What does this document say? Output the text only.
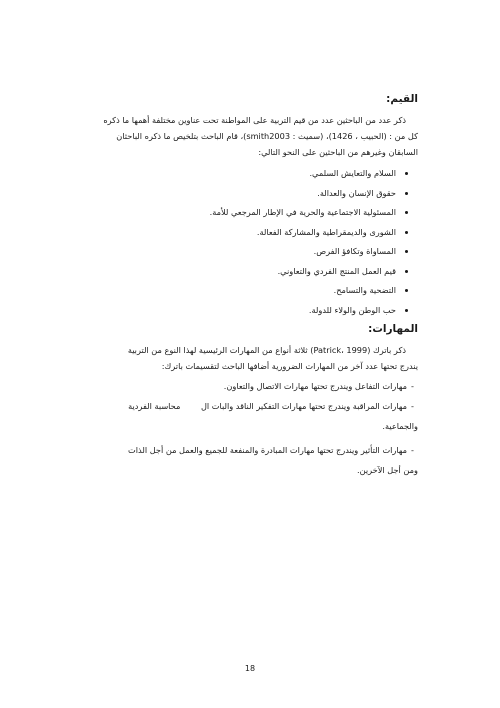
القيم:

ذكر عدد من الباحثين عدد من قيم التربية على المواطنة تحت عناوين مختلفة أهمها ما ذكره

كل من : (الحبيب ، 1426)، (سميث : smith2003)، قام الباحث بتلخيص ما ذكره الباحثان

السابقان وغيرهم من الباحثين على النحو التالي:

السلام والتعايش السلمي.
حقوق الإنسان والعدالة.
المسئولية الاجتماعية والحرية في الإطار المرجعي للأمة.
الشورى والديمقراطية والمشاركة الفعالة.
المساواة وتكافؤ الفرص.
قيم العمل المنتج الفردي والتعاوني.
التضحية والتسامح.
حب الوطن والولاء للدولة.
المهارات:

ذكر باترك (Patrick، 1999) ثلاثة أنواع من المهارات الرئيسية لهذا النوع من التربية

يندرج تحتها عدد آخر من المهارات الضرورية أضافها الباحث لتقسيمات باترك:

-مهارات التفاعل ويندرج تحتها مهارات الاتصال والتعاون.

-مهارات المراقبة ويندرج تحتها مهارات التفكير الناقد والبات ال محاسبة الفردية

والجماعية.

-مهارات التأثير ويندرج تحتها مهارات المبادرة والمنفعة للجميع والعمل من أجل الذات

ومن أجل الآخرين.

18
